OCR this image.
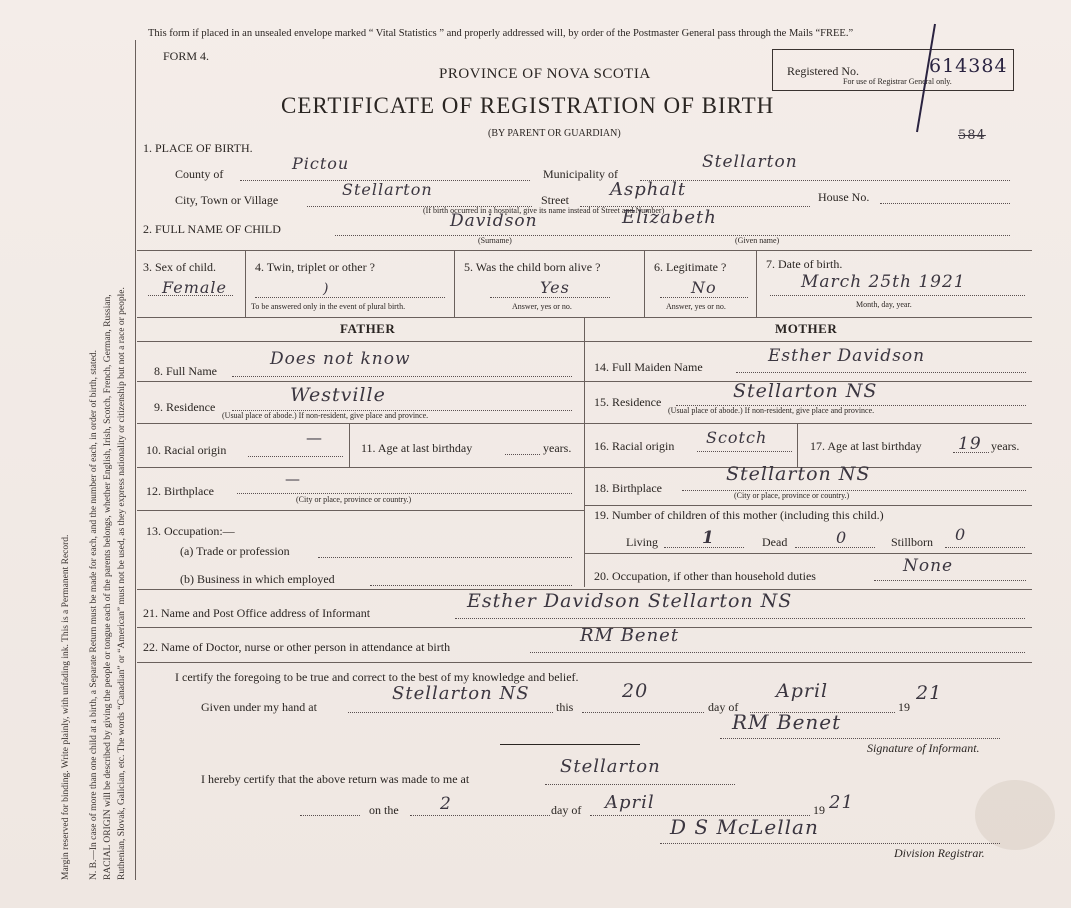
Margin reserved for binding. Write plainly, with unfading ink. This is a Permanent Record. N. B.—In case of more than one child at a birth, a Separate Return must be made for each, and the number of each, in order of birth, stated. RACIAL ORIGIN will be described by giving the people or tongue each of the parents belongs, whether English, Irish, Scotch, French, German, Russian, Ruthenian, Slovak, Galician, etc. The words “Canadian” or “American” must not be used, as they express nationality or citizenship but not a race or people.
This form if placed in an unsealed envelope marked “ Vital Statistics ” and properly addressed will, by order of the Postmaster General pass through the Mails “FREE.”
FORM 4.
PROVINCE OF NOVA SCOTIA
CERTIFICATE OF REGISTRATION OF BIRTH
(BY PARENT OR GUARDIAN)
Registered No.
For use of Registrar General only.
614384
584
1. PLACE OF BIRTH.
County of
Pictou
Municipality of
Stellarton
City, Town or Village
Stellarton
Street Asphalt	House No.
(If birth occurred in a hospital, give its name instead of Street and Number)
2. FULL NAME OF CHILD	Davidson	Elizabeth
(Surname)	(Given name)
3. Sex of child.
Female
4. Twin, triplet or other ?
)
To be answered only in the event of plural birth.
5. Was the child born alive ?
Yes
Answer, yes or no.
6. Legitimate ?
No
Answer, yes or no.
7. Date of birth.
March 25th 1921
Month, day, year.
FATHER	MOTHER
8. Full Name
Does not know
9. Residence
Westville
(Usual place of abode.) If non-resident, give place and province.
10. Racial origin
—
11. Age at last birthday	years.
12. Birthplace
—
(City or place, province or country.)
13. Occupation:—
(a) Trade or profession
(b) Business in which employed
14. Full Maiden Name
Esther Davidson
15. Residence	Stellarton NS
(Usual place of abode.) If non-resident, give place and province.
16. Racial origin Scotch	17. Age at last birthday 19 years.
18. Birthplace
Stellarton NS
(City or place, province or country.)
19. Number of children of this mother (including this child.)
Living	1	Dead	0	Stillborn 0
20. Occupation, if other than household duties	None
21. Name and Post Office address of Informant
Esther Davidson Stellarton NS
22. Name of Doctor, nurse or other person in attendance at birth
RM Benet
I certify the foregoing to be true and correct to the best of my knowledge and belief.
Given under my hand at
Stellarton NS
this
20
day of
April
19
21
RM Benet
Signature of Informant.
I hereby certify that the above return was made to me at
Stellarton
on the 2	day of April	19 21
D S McLellan
Division Registrar.
